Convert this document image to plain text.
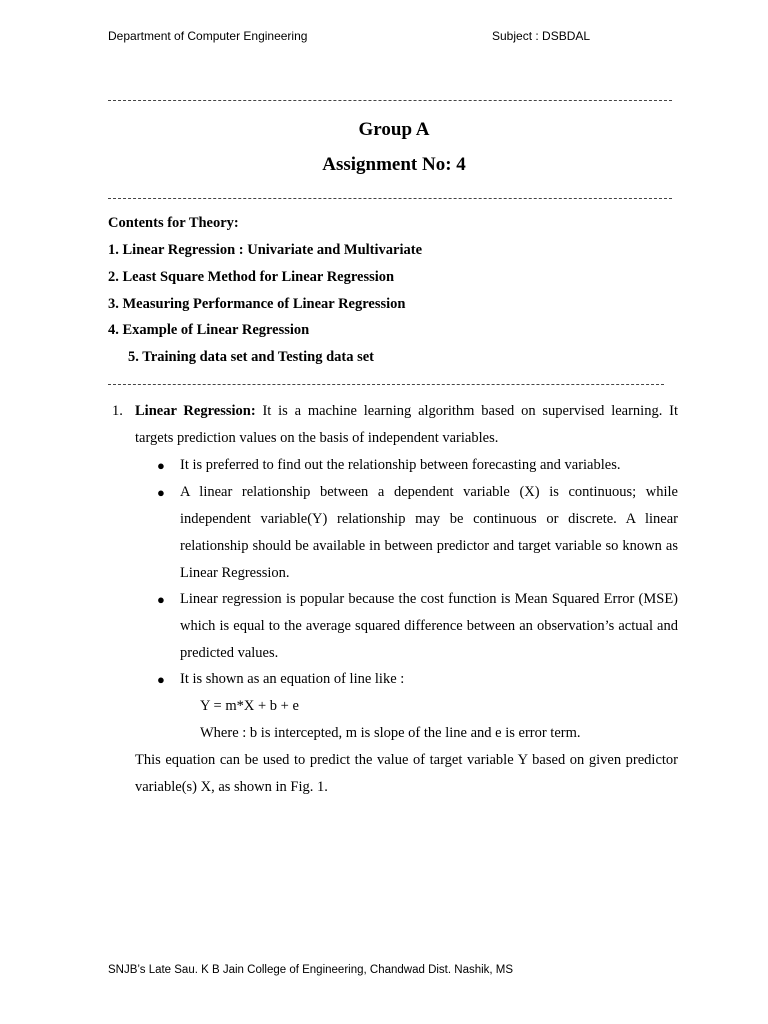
Department of Computer Engineering	Subject : DSBDAL
Group A
Assignment No: 4
Contents for Theory:
1. Linear Regression : Univariate and Multivariate
2. Least Square Method for Linear Regression
3. Measuring Performance of Linear Regression
4. Example of Linear Regression
5. Training data set and Testing data set
1. Linear Regression: It is a machine learning algorithm based on supervised learning. It targets prediction values on the basis of independent variables.
● It is preferred to find out the relationship between forecasting and variables.
● A linear relationship between a dependent variable (X) is continuous; while independent variable(Y) relationship may be continuous or discrete. A linear relationship should be available in between predictor and target variable so known as Linear Regression.
● Linear regression is popular because the cost function is Mean Squared Error (MSE) which is equal to the average squared difference between an observation’s actual and predicted values.
● It is shown as an equation of line like :
Y = m*X + b + e
Where : b is intercepted, m is slope of the line and e is error term.
This equation can be used to predict the value of target variable Y based on given predictor variable(s) X, as shown in Fig. 1.
SNJB’s Late Sau. K B Jain College of Engineering, Chandwad Dist. Nashik, MS
